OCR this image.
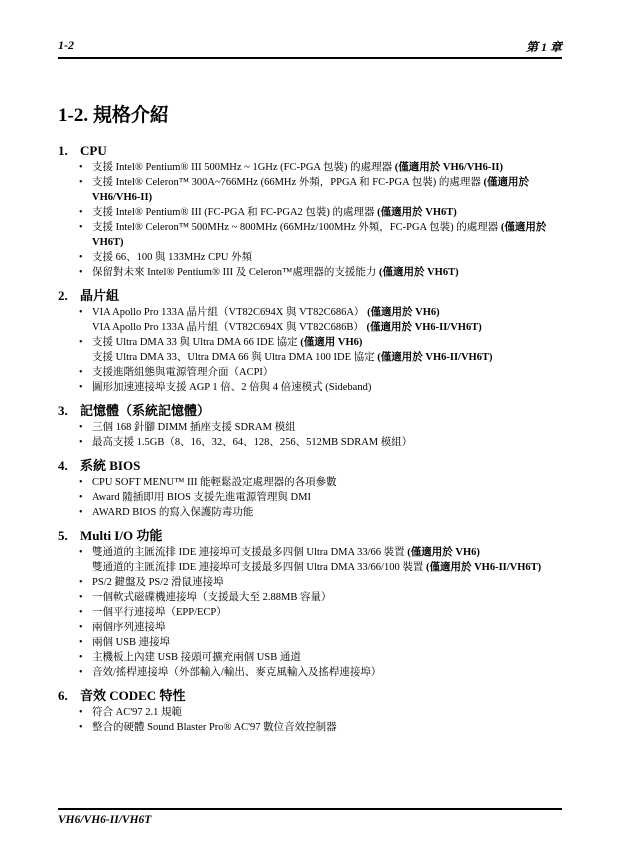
1-2	第 1 章
1-2. 規格介紹
1. CPU
• 支援 Intel® Pentium® III 500MHz ~ 1GHz (FC-PGA 包裝) 的處理器 (僅適用於 VH6/VH6-II)
• 支援 Intel® Celeron™ 300A~766MHz (66MHz 外頻，PPGA 和 FC-PGA 包裝) 的處理器 (僅適用於 VH6/VH6-II)
• 支援 Intel® Pentium® III (FC-PGA 和 FC-PGA2 包裝) 的處理器 (僅適用於 VH6T)
• 支援 Intel® Celeron™ 500MHz ~ 800MHz (66MHz/100MHz 外頻，FC-PGA 包裝) 的處理器 (僅適用於 VH6T)
• 支援 66、100 與 133MHz CPU 外頻
• 保留對未來 Intel® Pentium® III 及 Celeron™處理器的支援能力 (僅適用於 VH6T)
2. 晶片組
• VIA Apollo Pro 133A 晶片組（VT82C694X 與 VT82C686A） (僅適用於 VH6)
VIA Apollo Pro 133A 晶片組（VT82C694X 與 VT82C686B） (僅適用於 VH6-II/VH6T)
• 支援 Ultra DMA 33 與 Ultra DMA 66 IDE 協定 (僅適用 VH6)
支援 Ultra DMA 33、Ultra DMA 66 與 Ultra DMA 100 IDE 協定 (僅適用於 VH6-II/VH6T)
• 支援進階組態與電源管理介面（ACPI）
• 圖形加速連接埠支援 AGP 1 倍、2 倍與 4 倍速模式 (Sideband)
3. 記憶體（系統記憶體）
• 三個 168 針腳 DIMM 插座支援 SDRAM 模組
• 最高支援 1.5GB（8、16、32、64、128、256、512MB SDRAM 模組）
4. 系統 BIOS
• CPU SOFT MENU™ III 能輕鬆設定處理器的各項參數
• Award 隨插即用 BIOS 支援先進電源管理與 DMI
• AWARD BIOS 的寫入保護防毒功能
5. Multi I/O 功能
• 雙通道的主匯流排 IDE 連接埠可支援最多四個 Ultra DMA 33/66 裝置 (僅適用於 VH6)
雙通道的主匯流排 IDE 連接埠可支援最多四個 Ultra DMA 33/66/100 裝置 (僅適用於 VH6-II/VH6T)
• PS/2 鍵盤及 PS/2 滑鼠連接埠
• 一個軟式磁碟機連接埠（支援最大至 2.88MB 容量）
• 一個平行連接埠（EPP/ECP）
• 兩個序列連接埠
• 兩個 USB 連接埠
• 主機板上內建 USB 接頭可擴充兩個 USB 通道
• 音效/搖桿連接埠（外部輸入/輸出、麥克風輸入及搖桿連接埠）
6. 音效 CODEC 特性
• 符合 AC'97 2.1 規範
• 整合的硬體 Sound Blaster Pro® AC'97 數位音效控制器
VH6/VH6-II/VH6T
